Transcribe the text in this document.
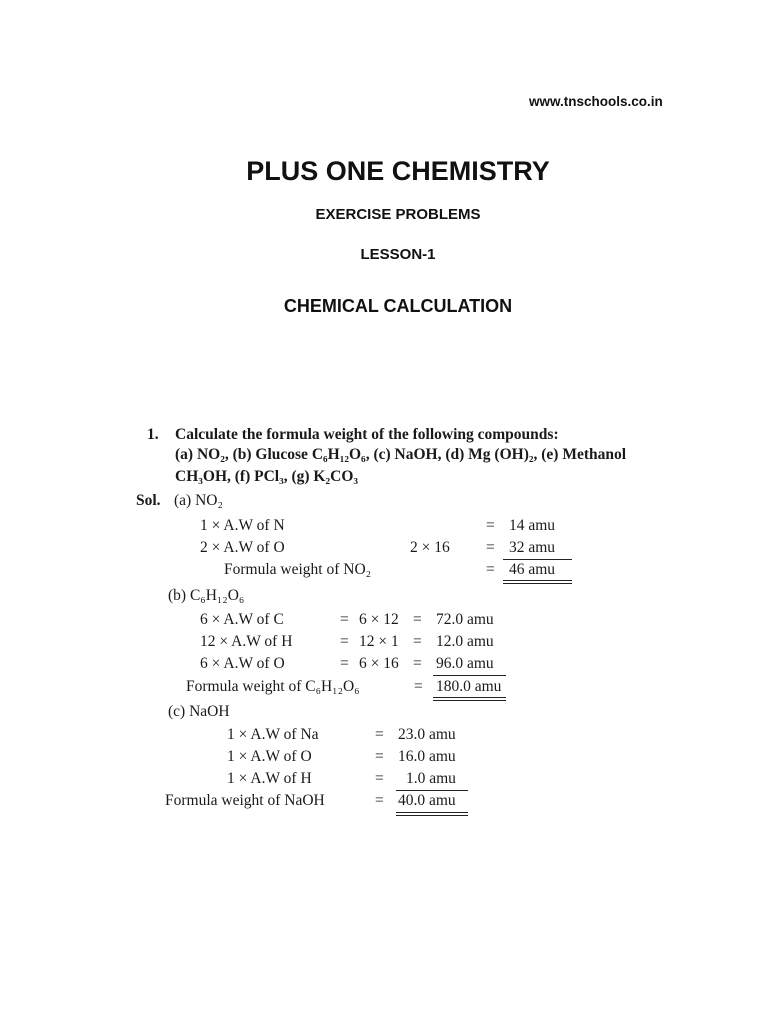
www.tnschools.co.in
PLUS ONE CHEMISTRY
EXERCISE PROBLEMS
LESSON-1
CHEMICAL CALCULATION
1. Calculate the formula weight of the following compounds:
(a) NO₂, (b) Glucose C₆H₁₂O₆, (c) NaOH, (d) Mg (OH)₂, (e) Methanol
CH₃OH, (f) PCl₃, (g) K₂CO₃
Sol. (a) NO₂
1 × A.W of N	= 14 amu
2 × A.W of O	2 × 16 = 32 amu
Formula weight of NO₂	= 46 amu
(b) C₆H₁₂O₆
6 × A.W of C	= 6 × 12 = 72.0 amu
12 × A.W of H	= 12 × 1 = 12.0 amu
6 × A.W of O	= 6 × 16 = 96.0 amu
Formula weight of C₆H₁₂O₆	= 180.0 amu
(c) NaOH
1 × A.W of Na	= 23.0 amu
1 × A.W of O	= 16.0 amu
1 × A.W of H	= 1.0 amu
Formula weight of NaOH	= 40.0 amu
